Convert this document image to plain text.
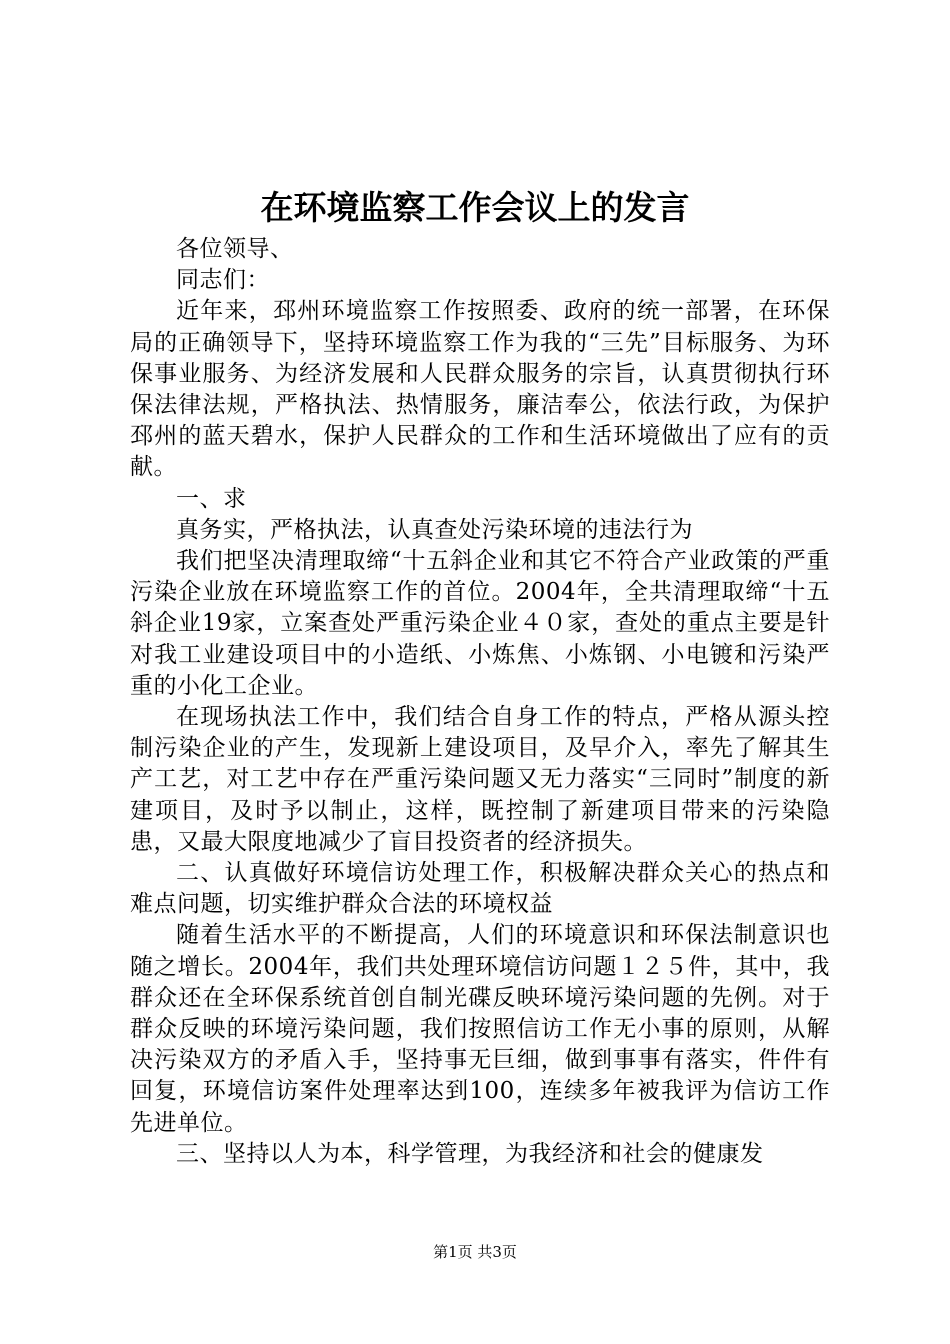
在环境监察工作会议上的发言

各位领导、

同志们：

近年来，邳州环境监察工作按照委、政府的统一部署，在环保局的正确领导下，坚持环境监察工作为我的“三先”目标服务、为环保事业服务、为经济发展和人民群众服务的宗旨，认真贯彻执行环保法律法规，严格执法、热情服务，廉洁奉公，依法行政，为保护邳州的蓝天碧水，保护人民群众的工作和生活环境做出了应有的贡献。

一、求

真务实，严格执法，认真查处污染环境的违法行为

我们把坚决清理取缔“十五斜企业和其它不符合产业政策的严重污染企业放在环境监察工作的首位。2004年，全共清理取缔“十五斜企业19家，立案查处严重污染企业４０家，查处的重点主要是针对我工业建设项目中的小造纸、小炼焦、小炼钢、小电镀和污染严重的小化工企业。

在现场执法工作中，我们结合自身工作的特点，严格从源头控制污染企业的产生，发现新上建设项目，及早介入，率先了解其生产工艺，对工艺中存在严重污染问题又无力落实“三同时”制度的新建项目，及时予以制止，这样，既控制了新建项目带来的污染隐患，又最大限度地减少了盲目投资者的经济损失。

二、认真做好环境信访处理工作，积极解决群众关心的热点和难点问题，切实维护群众合法的环境权益

随着生活水平的不断提高，人们的环境意识和环保法制意识也随之增长。2004年，我们共处理环境信访问题１２５件，其中，我群众还在全环保系统首创自制光碟反映环境污染问题的先例。对于群众反映的环境污染问题，我们按照信访工作无小事的原则，从解决污染双方的矛盾入手，坚持事无巨细，做到事事有落实，件件有回复，环境信访案件处理率达到100，连续多年被我评为信访工作先进单位。

三、坚持以人为本，科学管理，为我经济和社会的健康发

第1页 共3页
